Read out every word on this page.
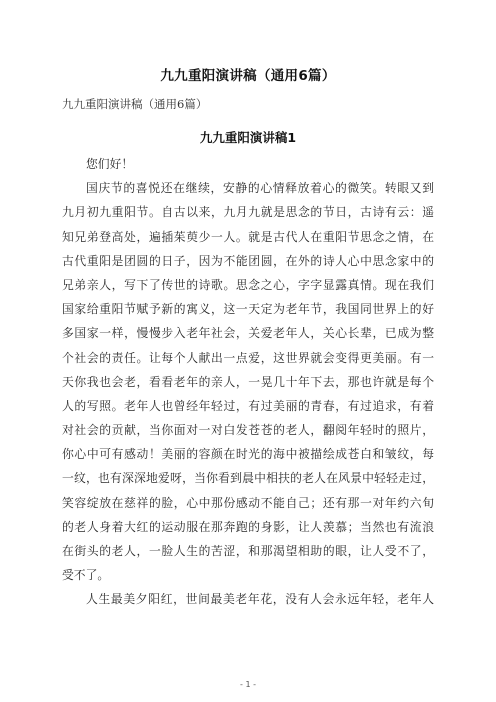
九九重阳演讲稿（通用6篇）
九九重阳演讲稿（通用6篇）
九九重阳演讲稿1
您们好！
国庆节的喜悦还在继续，安静的心情释放着心的微笑。转眼又到
九月初九重阳节。自古以来，九月九就是思念的节日，古诗有云：遥
知兄弟登高处，遍插茱萸少一人。就是古代人在重阳节思念之情，在
古代重阳是团圆的日子，因为不能团圆，在外的诗人心中思念家中的
兄弟亲人，写下了传世的诗歌。思念之心，字字显露真情。现在我们
国家给重阳节赋予新的寓义，这一天定为老年节，我国同世界上的好
多国家一样，慢慢步入老年社会，关爱老年人，关心长辈，已成为整
个社会的责任。让每个人献出一点爱，这世界就会变得更美丽。有一
天你我也会老，看看老年的亲人，一晃几十年下去，那也许就是每个
人的写照。老年人也曾经年轻过，有过美丽的青春，有过追求，有着
对社会的贡献，当你面对一对白发苍苍的老人，翻阅年轻时的照片，
你心中可有感动！美丽的容颜在时光的海中被描绘成苍白和皱纹，每
一纹，也有深深地爱呀，当你看到晨中相扶的老人在风景中轻轻走过，
笑容绽放在慈祥的脸，心中那份感动不能自己；还有那一对年约六旬
的老人身着大红的运动服在那奔跑的身影，让人羡慕；当然也有流浪
在街头的老人，一脸人生的苦涩，和那渴望相助的眼，让人受不了，
受不了。
人生最美夕阳红，世间最美老年花，没有人会永远年轻，老年人
- 1 -
